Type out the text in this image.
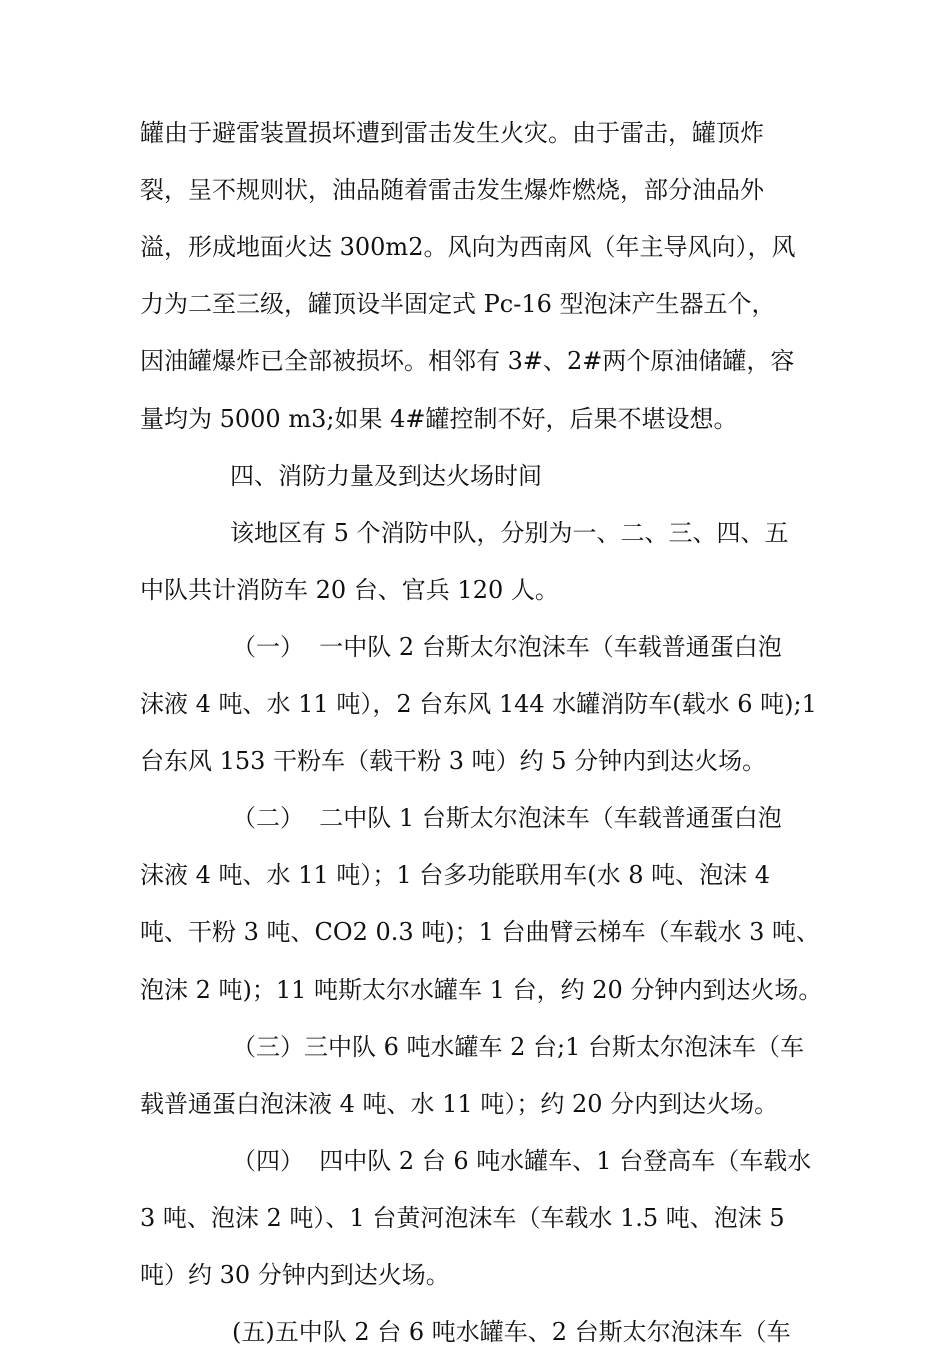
罐由于避雷装置损坏遭到雷击发生火灾。由于雷击，罐顶炸
裂，呈不规则状，油品随着雷击发生爆炸燃烧，部分油品外
溢，形成地面火达 300m2。风向为西南风（年主导风向），风
力为二至三级，罐顶设半固定式 Pc-16 型泡沫产生器五个，
因油罐爆炸已全部被损坏。相邻有 3#、2#两个原油储罐，容
量均为 5000 m3;如果 4#罐控制不好，后果不堪设想。
四、消防力量及到达火场时间
该地区有 5 个消防中队，分别为一、二、三、四、五
中队共计消防车 20 台、官兵 120 人。
（一）  一中队 2 台斯太尔泡沫车（车载普通蛋白泡
沫液 4 吨、水 11 吨），2 台东风 144 水罐消防车(载水 6 吨);1
台东风 153 干粉车（载干粉 3 吨）约 5 分钟内到达火场。
（二）  二中队 1 台斯太尔泡沫车（车载普通蛋白泡
沫液 4 吨、水 11 吨）；1 台多功能联用车(水 8 吨、泡沫 4
吨、干粉 3 吨、CO2 0.3 吨)；1 台曲臂云梯车（车载水 3 吨、
泡沫 2 吨)；11 吨斯太尔水罐车 1 台，约 20 分钟内到达火场。
（三）三中队 6 吨水罐车 2 台;1 台斯太尔泡沫车（车
载普通蛋白泡沫液 4 吨、水 11 吨）；约 20 分内到达火场。
（四）  四中队 2 台 6 吨水罐车、1 台登高车（车载水
3 吨、泡沫 2 吨）、1 台黄河泡沫车（车载水 1.5 吨、泡沫 5
吨）约 30 分钟内到达火场。
(五)五中队 2 台 6 吨水罐车、2 台斯太尔泡沫车（车
